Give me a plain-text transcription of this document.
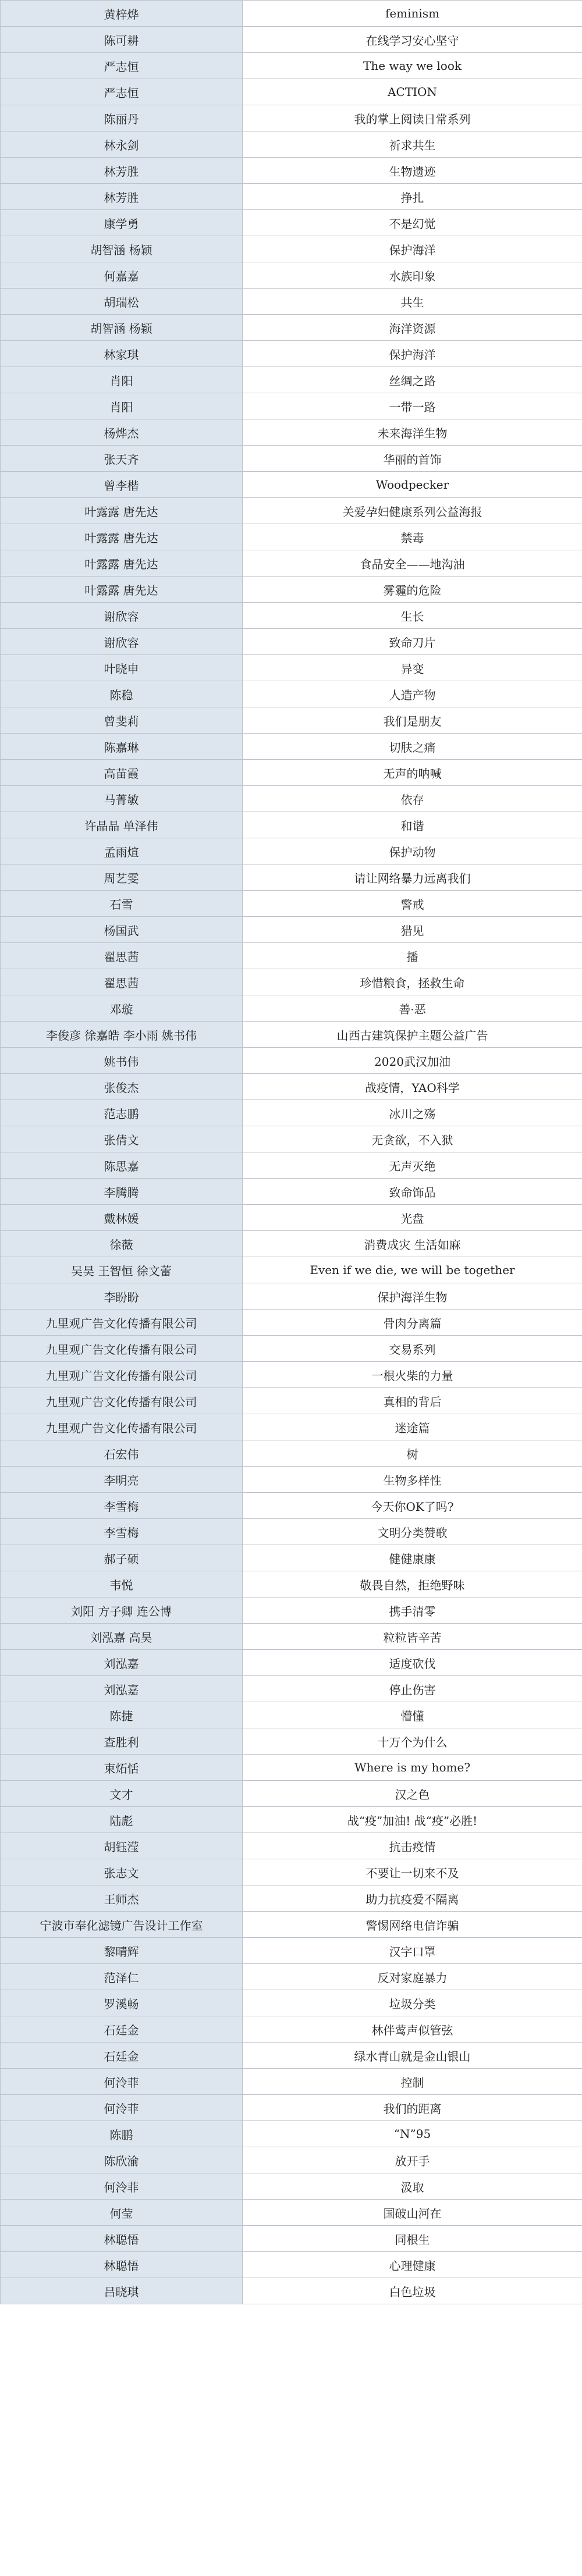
黄梓烨	feminism
陈可耕	在线学习安心坚守
严志恒	The way we look
严志恒	ACTION
陈丽丹	我的掌上阅读日常系列
林永剑	祈求共生
林芳胜	生物遗迹
林芳胜	挣扎
康学勇	不是幻觉
胡智涵 杨颖	保护海洋
何嘉嘉	水族印象
胡瑞松	共生
胡智涵 杨颖	海洋资源
林家琪	保护海洋
肖阳	丝绸之路
肖阳	一带一路
杨烨杰	未来海洋生物
张天齐	华丽的首饰
曾李楷	Woodpecker
叶露露 唐先达	关爱孕妇健康系列公益海报
叶露露 唐先达	禁毒
叶露露 唐先达	食品安全——地沟油
叶露露 唐先达	雾霾的危险
谢欣容	生长
谢欣容	致命刀片
叶晓申	异变
陈稳	人造产物
曾斐莉	我们是朋友
陈嘉琳	切肤之痛
高苗霞	无声的呐喊
马菁敏	依存
许晶晶 单泽伟	和谐
孟雨煊	保护动物
周艺雯	请让网络暴力远离我们
石雪	警戒
杨国武	猎见
翟思茜	播
翟思茜	珍惜粮食，拯救生命
邓璇	善·恶
李俊彦 徐嘉皓 李小雨 姚书伟	山西古建筑保护主题公益广告
姚书伟	2020武汉加油
张俊杰	战疫情，YAO科学
范志鹏	冰川之殇
张倩文	无贪欲，不入狱
陈思嘉	无声灭绝
李腾腾	致命饰品
戴林媛	光盘
徐薇	消费成灾 生活如麻
吴昊 王智恒 徐文蕾	Even if we die, we will be together
李盼盼	保护海洋生物
九里观广告文化传播有限公司	骨肉分离篇
九里观广告文化传播有限公司	交易系列
九里观广告文化传播有限公司	一根火柴的力量
九里观广告文化传播有限公司	真相的背后
九里观广告文化传播有限公司	迷途篇
石宏伟	树
李明亮	生物多样性
李雪梅	今天你OK了吗?
李雪梅	文明分类赞歌
郝子硕	健健康康
韦悦	敬畏自然，拒绝野味
刘阳 方子卿 连公博	携手清零
刘泓嘉 高昊	粒粒皆辛苦
刘泓嘉	适度砍伐
刘泓嘉	停止伤害
陈捷	懵懂
查胜利	十万个为什么
束炻恬	Where is my home?
文才	汉之色
陆彪	战“疫”加油! 战“疫”必胜!
胡钰滢	抗击疫情
张志文	不要让一切来不及
王师杰	助力抗疫爱不隔离
宁波市奉化滤镜广告设计工作室	警惕网络电信诈骗
黎晴辉	汉字口罩
范泽仁	反对家庭暴力
罗溪畅	垃圾分类
石廷金	林伴莺声似管弦
石廷金	绿水青山就是金山银山
何泠菲	控制
何泠菲	我们的距离
陈鹏	“N”95
陈欣渝	放开手
何泠菲	汲取
何莹	国破山河在
林聪悟	同根生
林聪悟	心理健康
吕晓琪	白色垃圾
